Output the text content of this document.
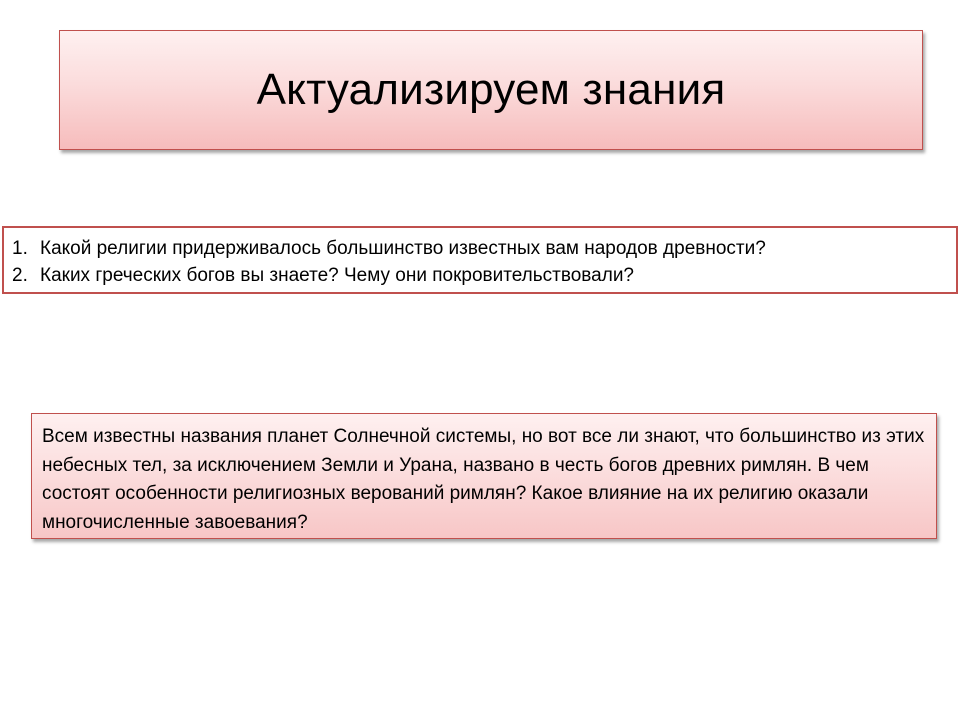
Актуализируем знания
1. Какой религии придерживалось большинство известных вам народов древности?
2. Каких греческих богов вы знаете? Чему они покровительствовали?

Всем известны названия планет Солнечной системы, но вот все ли знают, что большинство из этих небесных тел, за исключением Земли и Урана, названо в честь богов древних римлян. В чем состоят особенности религиозных верований римлян? Какое влияние на их религию оказали многочисленные завоевания?
